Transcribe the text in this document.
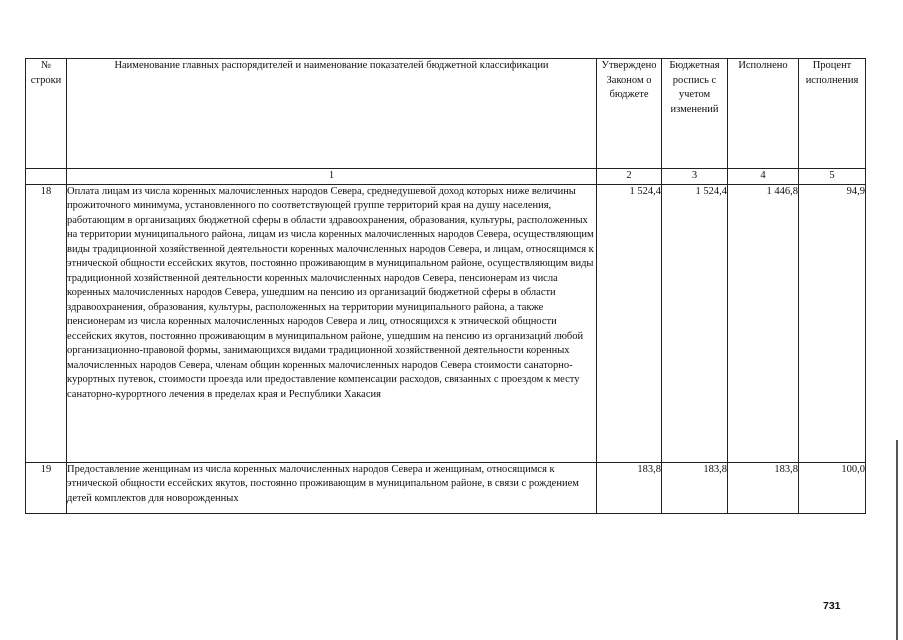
№ строки	Наименование главных распорядителей и наименование показателей бюджетной классификации	Утверждено Законом о бюджете	Бюджетная роспись с учетом изменений	Исполнено	Процент исполнения
	1	2	3	4	5
18	Оплата лицам из числа коренных малочисленных народов Севера, среднедушевой доход которых ниже величины прожиточного минимума, установленного по соответствующей группе территорий края на душу населения, работающим в организациях бюджетной сферы в области здравоохранения, образования, культуры, расположенных на территории муниципального района, лицам из числа коренных малочисленных народов Севера, осуществляющим виды традиционной хозяйственной деятельности коренных малочисленных народов Севера, и лицам, относящимся к этнической общности ессейских якутов, постоянно проживающим в муниципальном районе, осуществляющим виды традиционной хозяйственной деятельности коренных малочисленных народов Севера, пенсионерам из числа коренных малочисленных народов Севера, ушедшим на пенсию из организаций бюджетной сферы в области здравоохранения, образования, культуры, расположенных на территории муниципального района, а также пенсионерам из числа коренных малочисленных народов Севера и лиц, относящихся к этнической общности ессейских якутов, постоянно проживающим в муниципальном районе, ушедшим на пенсию из организаций любой организационно-правовой формы, занимающихся видами традиционной хозяйственной деятельности коренных малочисленных народов Севера, членам общин коренных малочисленных народов Севера стоимости санаторно-курортных путевок, стоимости проезда или предоставление компенсации расходов, связанных с проездом к месту санаторно-курортного лечения в пределах края и Республики Хакасия	1 524,4	1 524,4	1 446,8	94,9
19	Предоставление женщинам из числа коренных малочисленных народов Севера и женщинам, относящимся к этнической общности ессейских якутов, постоянно проживающим в муниципальном районе, в связи с рождением детей комплектов для новорожденных	183,8	183,8	183,8	100,0
731
